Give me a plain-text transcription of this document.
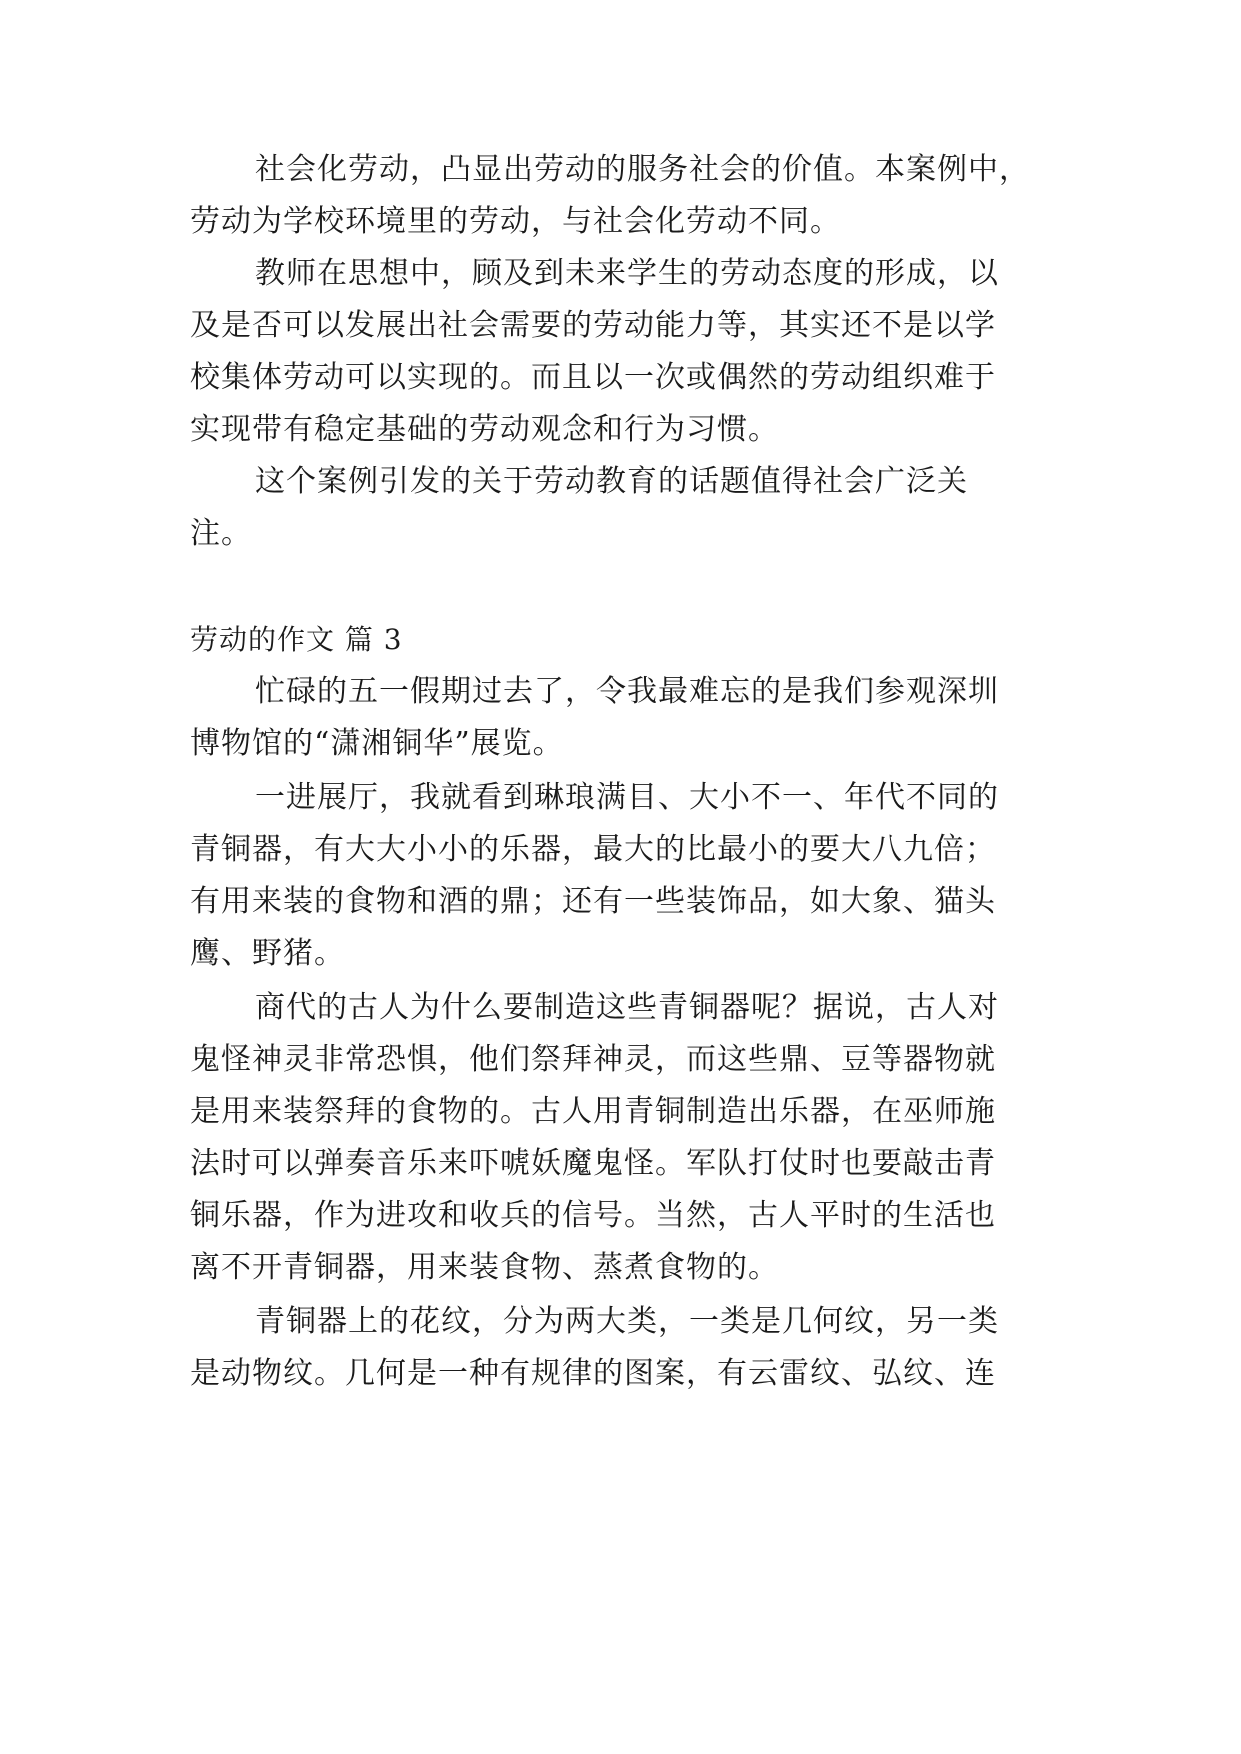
社会化劳动，凸显出劳动的服务社会的价值。本案例中，
劳动为学校环境里的劳动，与社会化劳动不同。
教师在思想中，顾及到未来学生的劳动态度的形成，以
及是否可以发展出社会需要的劳动能力等，其实还不是以学
校集体劳动可以实现的。而且以一次或偶然的劳动组织难于
实现带有稳定基础的劳动观念和行为习惯。
这个案例引发的关于劳动教育的话题值得社会广泛关
注。
劳动的作文 篇 3
忙碌的五一假期过去了，令我最难忘的是我们参观深圳
博物馆的“潇湘铜华”展览。
一进展厅，我就看到琳琅满目、大小不一、年代不同的
青铜器，有大大小小的乐器，最大的比最小的要大八九倍；
有用来装的食物和酒的鼎；还有一些装饰品，如大象、猫头
鹰、野猪。
商代的古人为什么要制造这些青铜器呢？据说，古人对
鬼怪神灵非常恐惧，他们祭拜神灵，而这些鼎、豆等器物就
是用来装祭拜的食物的。古人用青铜制造出乐器，在巫师施
法时可以弹奏音乐来吓唬妖魔鬼怪。军队打仗时也要敲击青
铜乐器，作为进攻和收兵的信号。当然，古人平时的生活也
离不开青铜器，用来装食物、蒸煮食物的。
青铜器上的花纹，分为两大类，一类是几何纹，另一类
是动物纹。几何是一种有规律的图案，有云雷纹、弘纹、连
